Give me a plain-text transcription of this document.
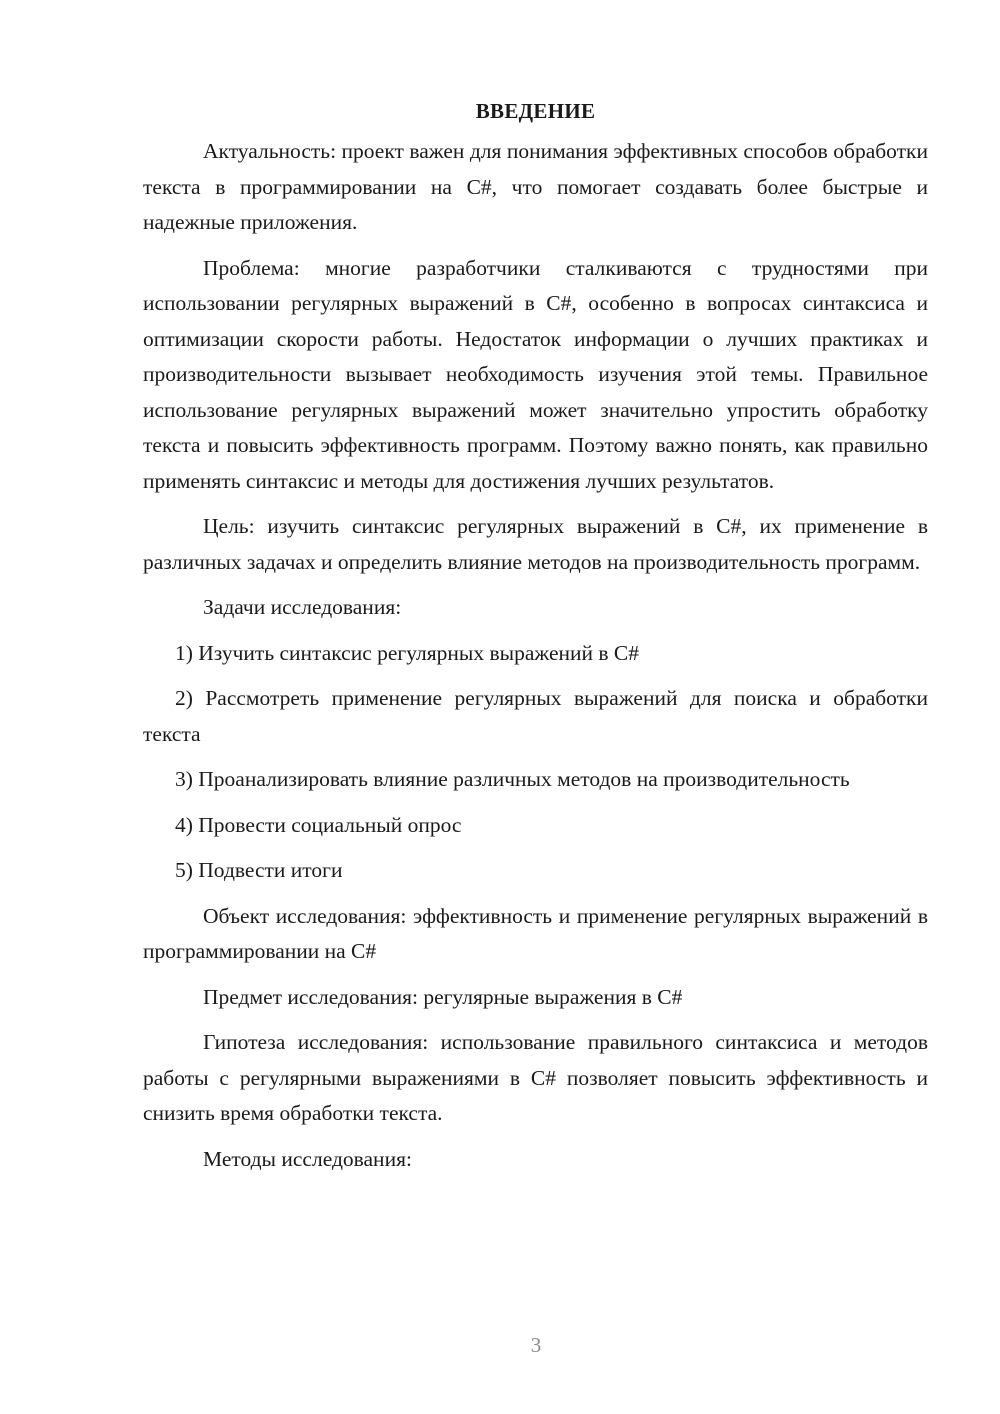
ВВЕДЕНИЕ

Актуальность: проект важен для понимания эффективных способов обработки текста в программировании на C#, что помогает создавать более быстрые и надежные приложения.

Проблема: многие разработчики сталкиваются с трудностями при использовании регулярных выражений в C#, особенно в вопросах синтаксиса и оптимизации скорости работы. Недостаток информации о лучших практиках и производительности вызывает необходимость изучения этой темы. Правильное использование регулярных выражений может значительно упростить обработку текста и повысить эффективность программ. Поэтому важно понять, как правильно применять синтаксис и методы для достижения лучших результатов.

Цель: изучить синтаксис регулярных выражений в C#, их применение в различных задачах и определить влияние методов на производительность программ.

Задачи исследования:

1) Изучить синтаксис регулярных выражений в C#

2) Рассмотреть применение регулярных выражений для поиска и обработки текста

3) Проанализировать влияние различных методов на производительность

4) Провести социальный опрос

5) Подвести итоги

Объект исследования: эффективность и применение регулярных выражений в программировании на C#

Предмет исследования: регулярные выражения в C#

Гипотеза исследования: использование правильного синтаксиса и методов работы с регулярными выражениями в C# позволяет повысить эффективность и снизить время обработки текста.

Методы исследования:

3
